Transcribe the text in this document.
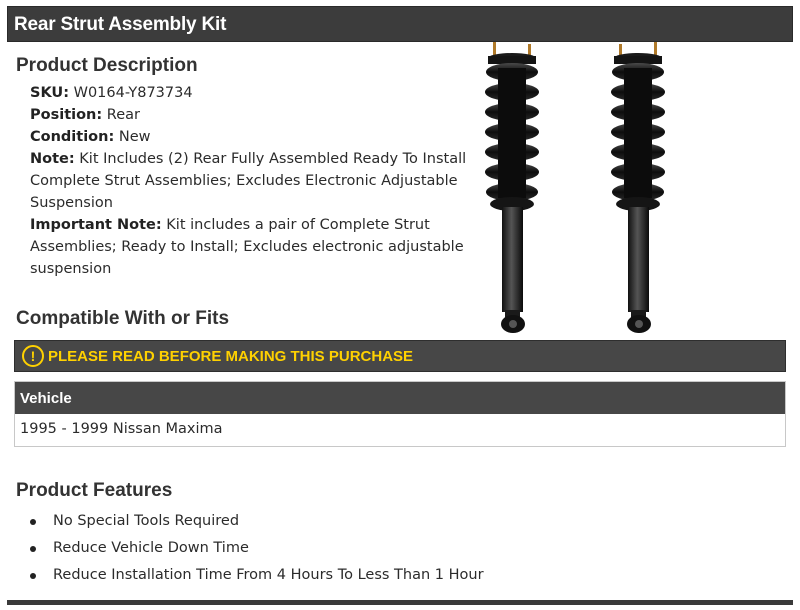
Rear Strut Assembly Kit
Product Description
SKU: W0164-Y873734
Position: Rear
Condition: New
Note: Kit Includes (2) Rear Fully Assembled Ready To Install Complete Strut Assemblies; Excludes Electronic Adjustable Suspension
Important Note: Kit includes a pair of Complete Strut Assemblies; Ready to Install; Excludes electronic adjustable suspension
Compatible With or Fits
! PLEASE READ BEFORE MAKING THIS PURCHASE
Vehicle
1995 - 1999 Nissan Maxima
Product Features
No Special Tools Required
Reduce Vehicle Down Time
Reduce Installation Time From 4 Hours To Less Than 1 Hour
